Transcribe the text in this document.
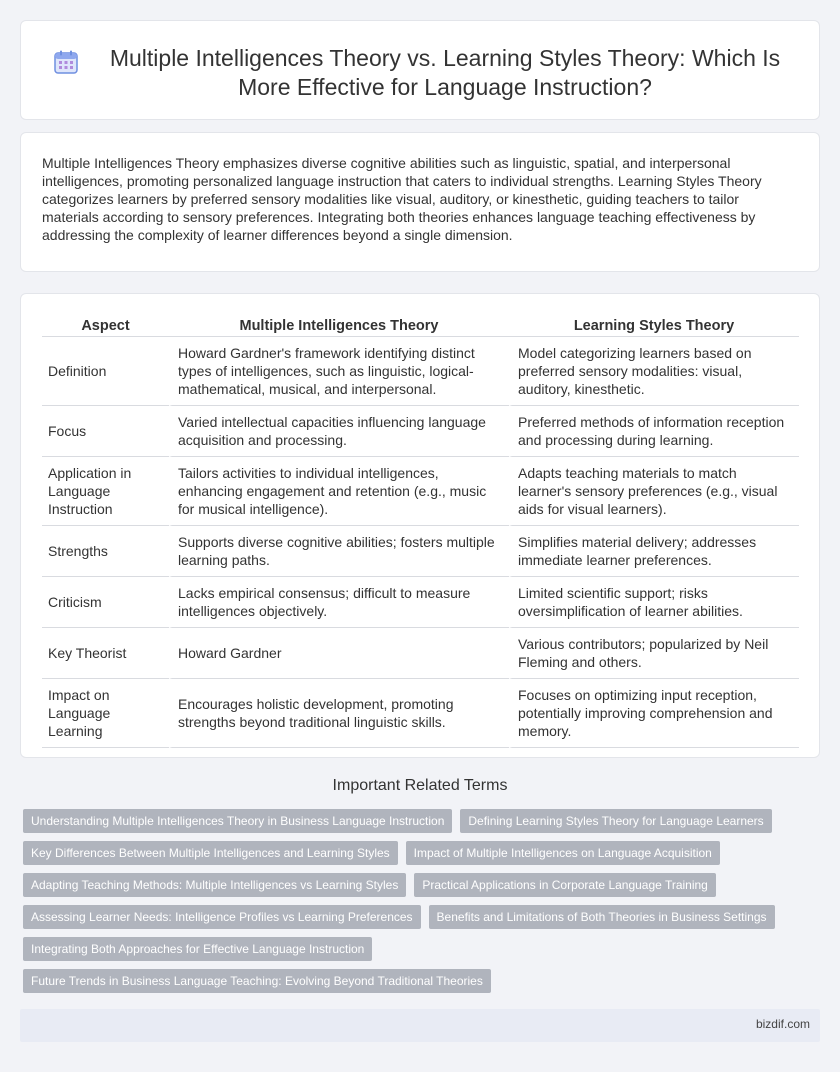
Multiple Intelligences Theory vs. Learning Styles Theory: Which Is More Effective for Language Instruction?

Multiple Intelligences Theory emphasizes diverse cognitive abilities such as linguistic, spatial, and interpersonal intelligences, promoting personalized language instruction that caters to individual strengths. Learning Styles Theory categorizes learners by preferred sensory modalities like visual, auditory, or kinesthetic, guiding teachers to tailor materials according to sensory preferences. Integrating both theories enhances language teaching effectiveness by addressing the complexity of learner differences beyond a single dimension.

Aspect	Multiple Intelligences Theory	Learning Styles Theory
Definition	Howard Gardner's framework identifying distinct types of intelligences, such as linguistic, logical-mathematical, musical, and interpersonal.	Model categorizing learners based on preferred sensory modalities: visual, auditory, kinesthetic.
Focus	Varied intellectual capacities influencing language acquisition and processing.	Preferred methods of information reception and processing during learning.
Application in Language Instruction	Tailors activities to individual intelligences, enhancing engagement and retention (e.g., music for musical intelligence).	Adapts teaching materials to match learner's sensory preferences (e.g., visual aids for visual learners).
Strengths	Supports diverse cognitive abilities; fosters multiple learning paths.	Simplifies material delivery; addresses immediate learner preferences.
Criticism	Lacks empirical consensus; difficult to measure intelligences objectively.	Limited scientific support; risks oversimplification of learner abilities.
Key Theorist	Howard Gardner	Various contributors; popularized by Neil Fleming and others.
Impact on Language Learning	Encourages holistic development, promoting strengths beyond traditional linguistic skills.	Focuses on optimizing input reception, potentially improving comprehension and memory.
Important Related Terms
Understanding Multiple Intelligences Theory in Business Language Instruction	Defining Learning Styles Theory for Language Learners
Key Differences Between Multiple Intelligences and Learning Styles	Impact of Multiple Intelligences on Language Acquisition
Adapting Teaching Methods: Multiple Intelligences vs Learning Styles	Practical Applications in Corporate Language Training
Assessing Learner Needs: Intelligence Profiles vs Learning Preferences	Benefits and Limitations of Both Theories in Business Settings
Integrating Both Approaches for Effective Language Instruction
Future Trends in Business Language Teaching: Evolving Beyond Traditional Theories
bizdif.com
